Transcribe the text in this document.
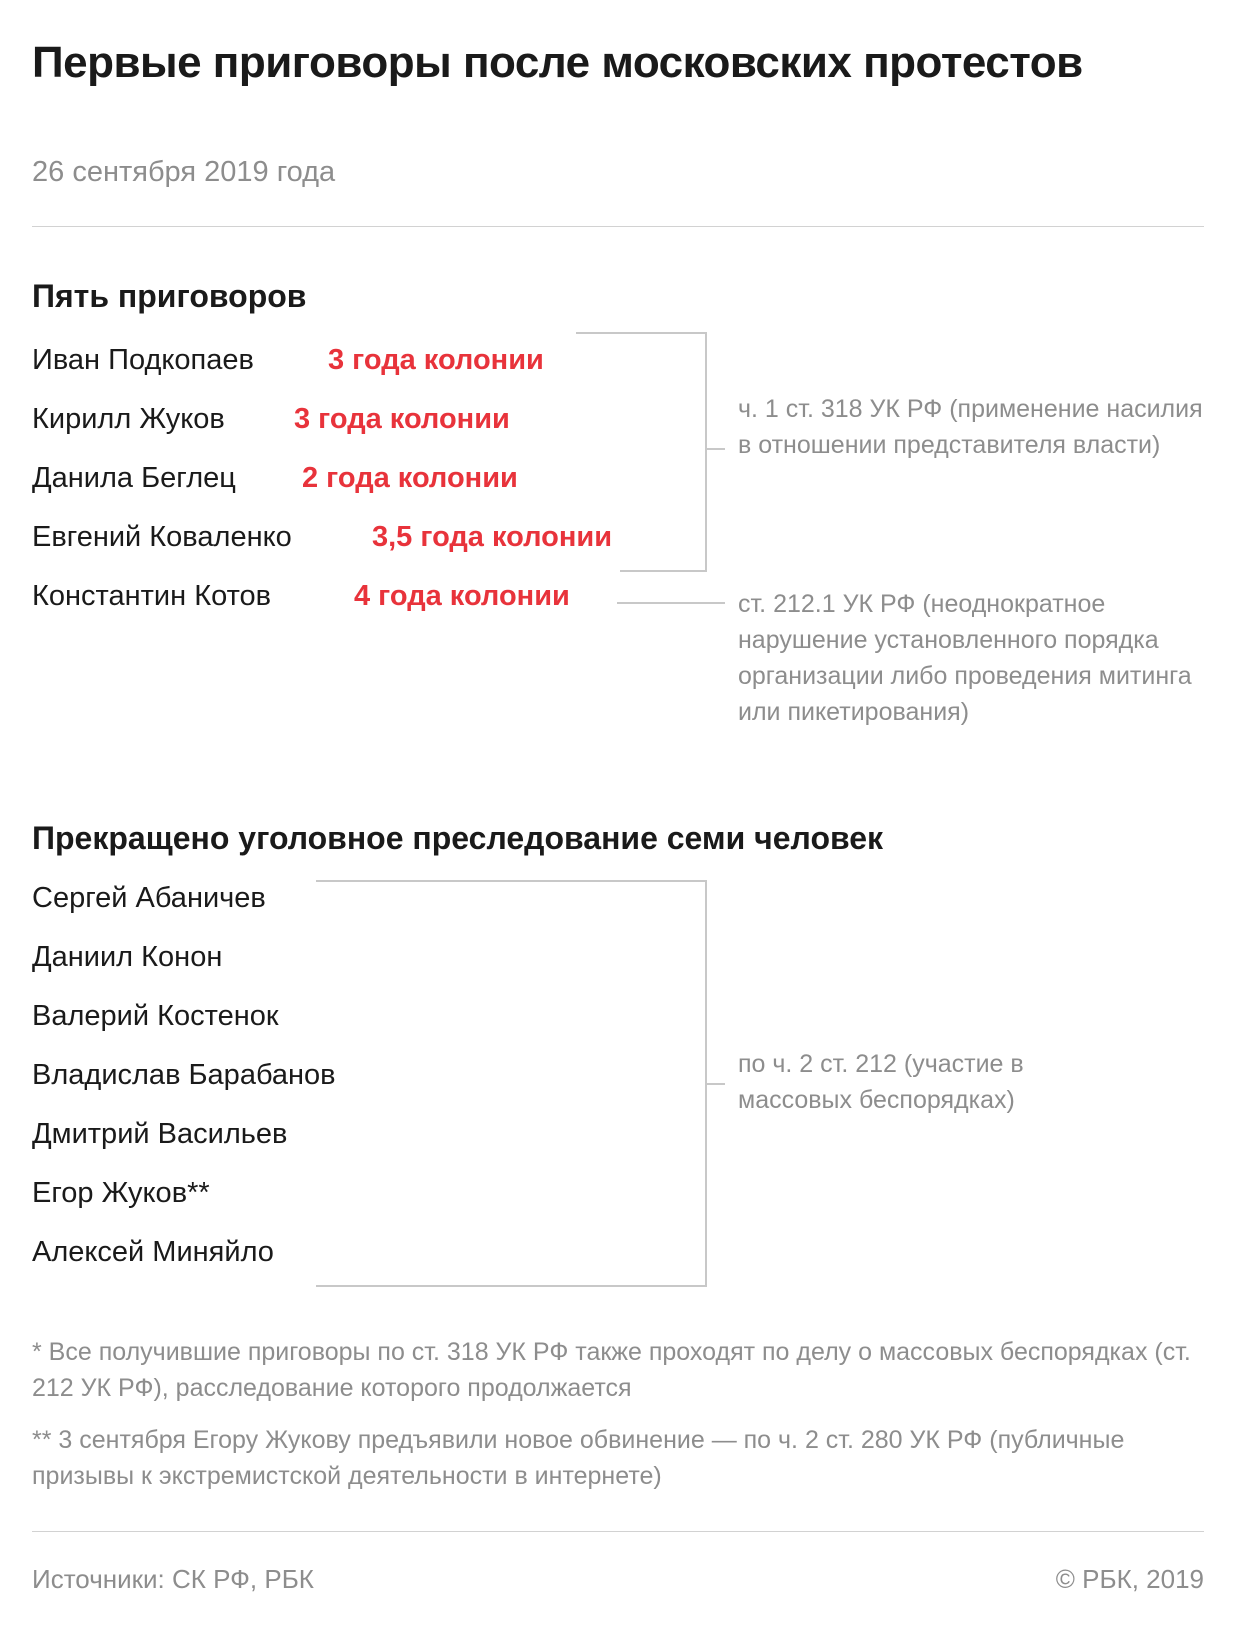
Первые приговоры после московских протестов
26 сентября 2019 года
Пять приговоров
Иван Подкопаев	3 года колонии
Кирилл Жуков 3 года колонии
Данила Беглец 2 года колонии
Евгений Коваленко	3,5 года колонии
Константин Котов	4 года колонии
ч. 1 ст. 318 УК РФ (применение насилия в отношении представителя власти)
ст. 212.1 УК РФ (неоднократное нарушение установленного порядка организации либо проведения митинга или пикетирования)
Прекращено уголовное преследование семи человек
Сергей Абаничев
Даниил Конон
Валерий Костенок
Владислав Барабанов
Дмитрий Васильев
Егор Жуков**
Алексей Миняйло
по ч. 2 ст. 212 (участие в массовых беспорядках)
* Все получившие приговоры по ст. 318 УК РФ также проходят по делу о массовых беспорядках (ст. 212 УК РФ), расследование которого продолжается
** 3 сентября Егору Жукову предъявили новое обвинение — по ч. 2 ст. 280 УК РФ (публичные призывы к экстремистской деятельности в интернете)
Источники: СК РФ, РБК	© РБК, 2019
